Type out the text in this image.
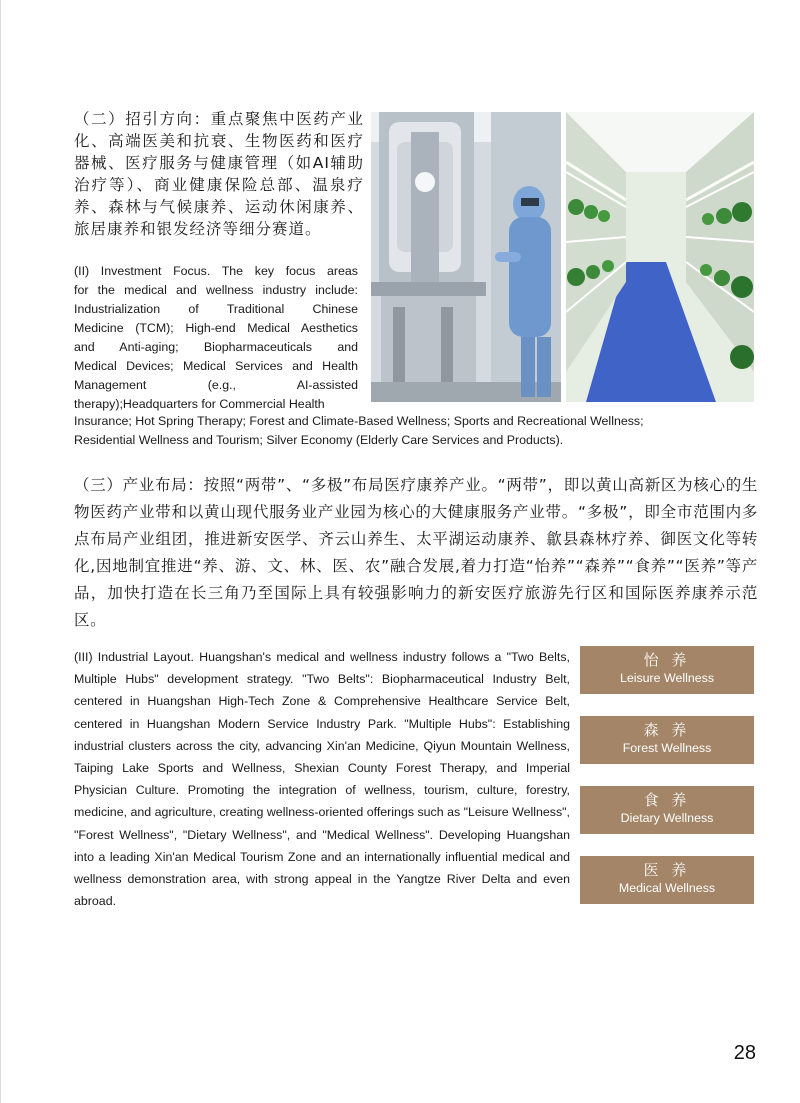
（二）招引方向：重点聚焦中医药产业化、高端医美和抗衰、生物医药和医疗器械、医疗服务与健康管理（如AI辅助治疗等）、商业健康保险总部、温泉疗养、森林与气候康养、运动休闲康养、旅居康养和银发经济等细分赛道。
(II) Investment Focus. The key focus areas
for the medical and wellness industry include:
Industrialization of Traditional Chinese
Medicine (TCM); High-end Medical Aesthetics
and Anti-aging; Biopharmaceuticals and
Medical Devices; Medical Services and Health
Management (e.g., AI-assisted
therapy);Headquarters for Commercial Health
Insurance; Hot Spring Therapy; Forest and Climate-Based Wellness; Sports and Recreational Wellness;
Residential Wellness and Tourism; Silver Economy (Elderly Care Services and Products).
（三）产业布局：按照“两带”、“多极”布局医疗康养产业。“两带”，即以黄山高新区为核心的生物医药产业带和以黄山现代服务业产业园为核心的大健康服务产业带。“多极”，即全市范围内多点布局产业组团，推进新安医学、齐云山养生、太平湖运动康养、歙县森林疗养、御医文化等转化,因地制宜推进“养、游、文、林、医、农”融合发展,着力打造“怡养”“森养”“食养”“医养”等产品，加快打造在长三角乃至国际上具有较强影响力的新安医疗旅游先行区和国际医养康养示范区。
(III) Industrial Layout. Huangshan's medical and wellness industry follows a "Two Belts, Multiple Hubs" development strategy. "Two Belts": Biopharmaceutical Industry Belt, centered in Huangshan High-Tech Zone & Comprehensive Healthcare Service Belt, centered in Huangshan Modern Service Industry Park. "Multiple Hubs": Establishing industrial clusters across the city, advancing Xin'an Medicine, Qiyun Mountain Wellness, Taiping Lake Sports and Wellness, Shexian County Forest Therapy, and Imperial Physician Culture. Promoting the integration of wellness, tourism, culture, forestry, medicine, and agriculture, creating wellness-oriented offerings such as "Leisure Wellness", "Forest Wellness", "Dietary Wellness", and "Medical Wellness". Developing Huangshan into a leading Xin'an Medical Tourism Zone and an internationally influential medical and wellness demonstration area, with strong appeal in the Yangtze River Delta and even abroad.
怡 养
Leisure Wellness
森 养
Forest Wellness
食 养
Dietary Wellness
医 养
Medical Wellness
28
